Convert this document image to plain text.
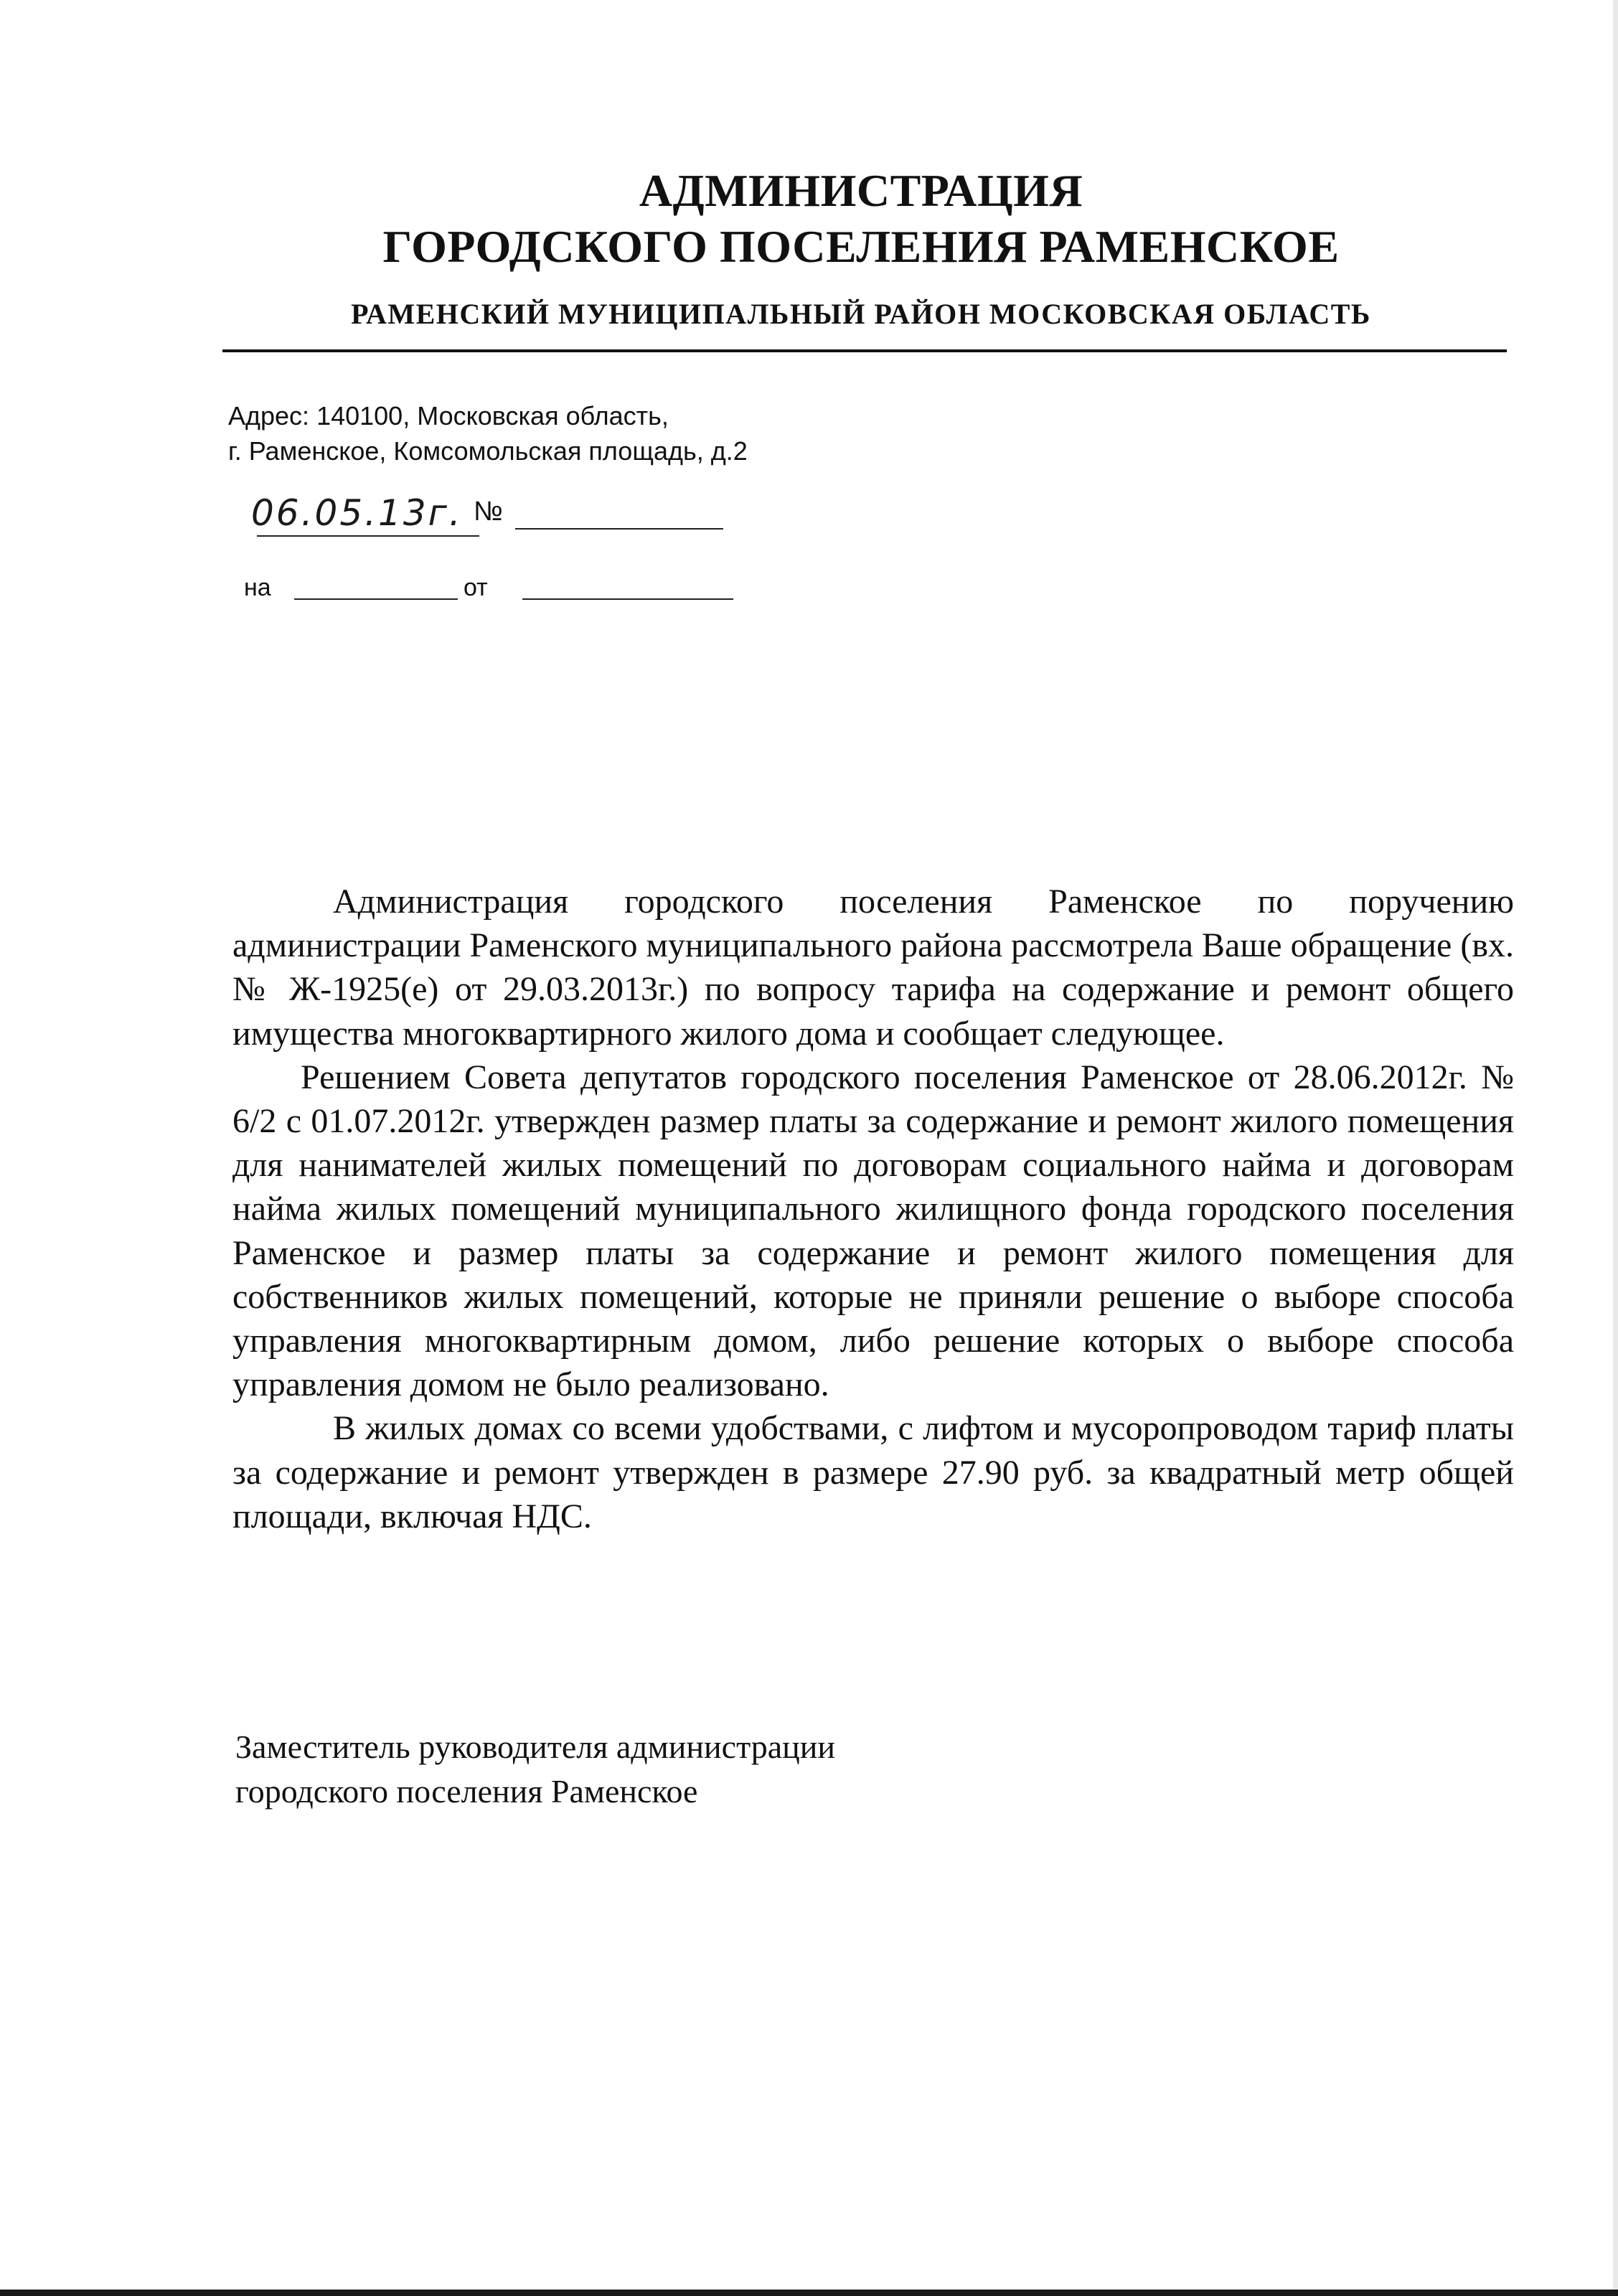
АДМИНИСТРАЦИЯ
ГОРОДСКОГО ПОСЕЛЕНИЯ РАМЕНСКОЕ
РАМЕНСКИЙ МУНИЦИПАЛЬНЫЙ РАЙОН МОСКОВСКАЯ ОБЛАСТЬ
Адрес: 140100, Московская область,
г. Раменское, Комсомольская площадь, д.2
06.05.13г. №
на	от

Администрация городского поселения Раменское по поручению администрации Раменского муниципального района рассмотрела Ваше обращение (вх. № Ж-1925(е) от 29.03.2013г.) по вопросу тарифа на содержание и ремонт общего имущества многоквартирного жилого дома и сообщает следующее.

Решением Совета депутатов городского поселения Раменское от 28.06.2012г. № 6/2 с 01.07.2012г. утвержден размер платы за содержание и ремонт жилого помещения для нанимателей жилых помещений по договорам социального найма и договорам найма жилых помещений муниципального жилищного фонда городского поселения Раменское и размер платы за содержание и ремонт жилого помещения для собственников жилых помещений, которые не приняли решение о выборе способа управления многоквартирным домом, либо решение которых о выборе способа управления домом не было реализовано.

В жилых домах со всеми удобствами, с лифтом и мусоропроводом тариф платы за содержание и ремонт утвержден в размере 27.90 руб. за квадратный метр общей площади, включая НДС.

Заместитель руководителя администрации
городского поселения Раменское
